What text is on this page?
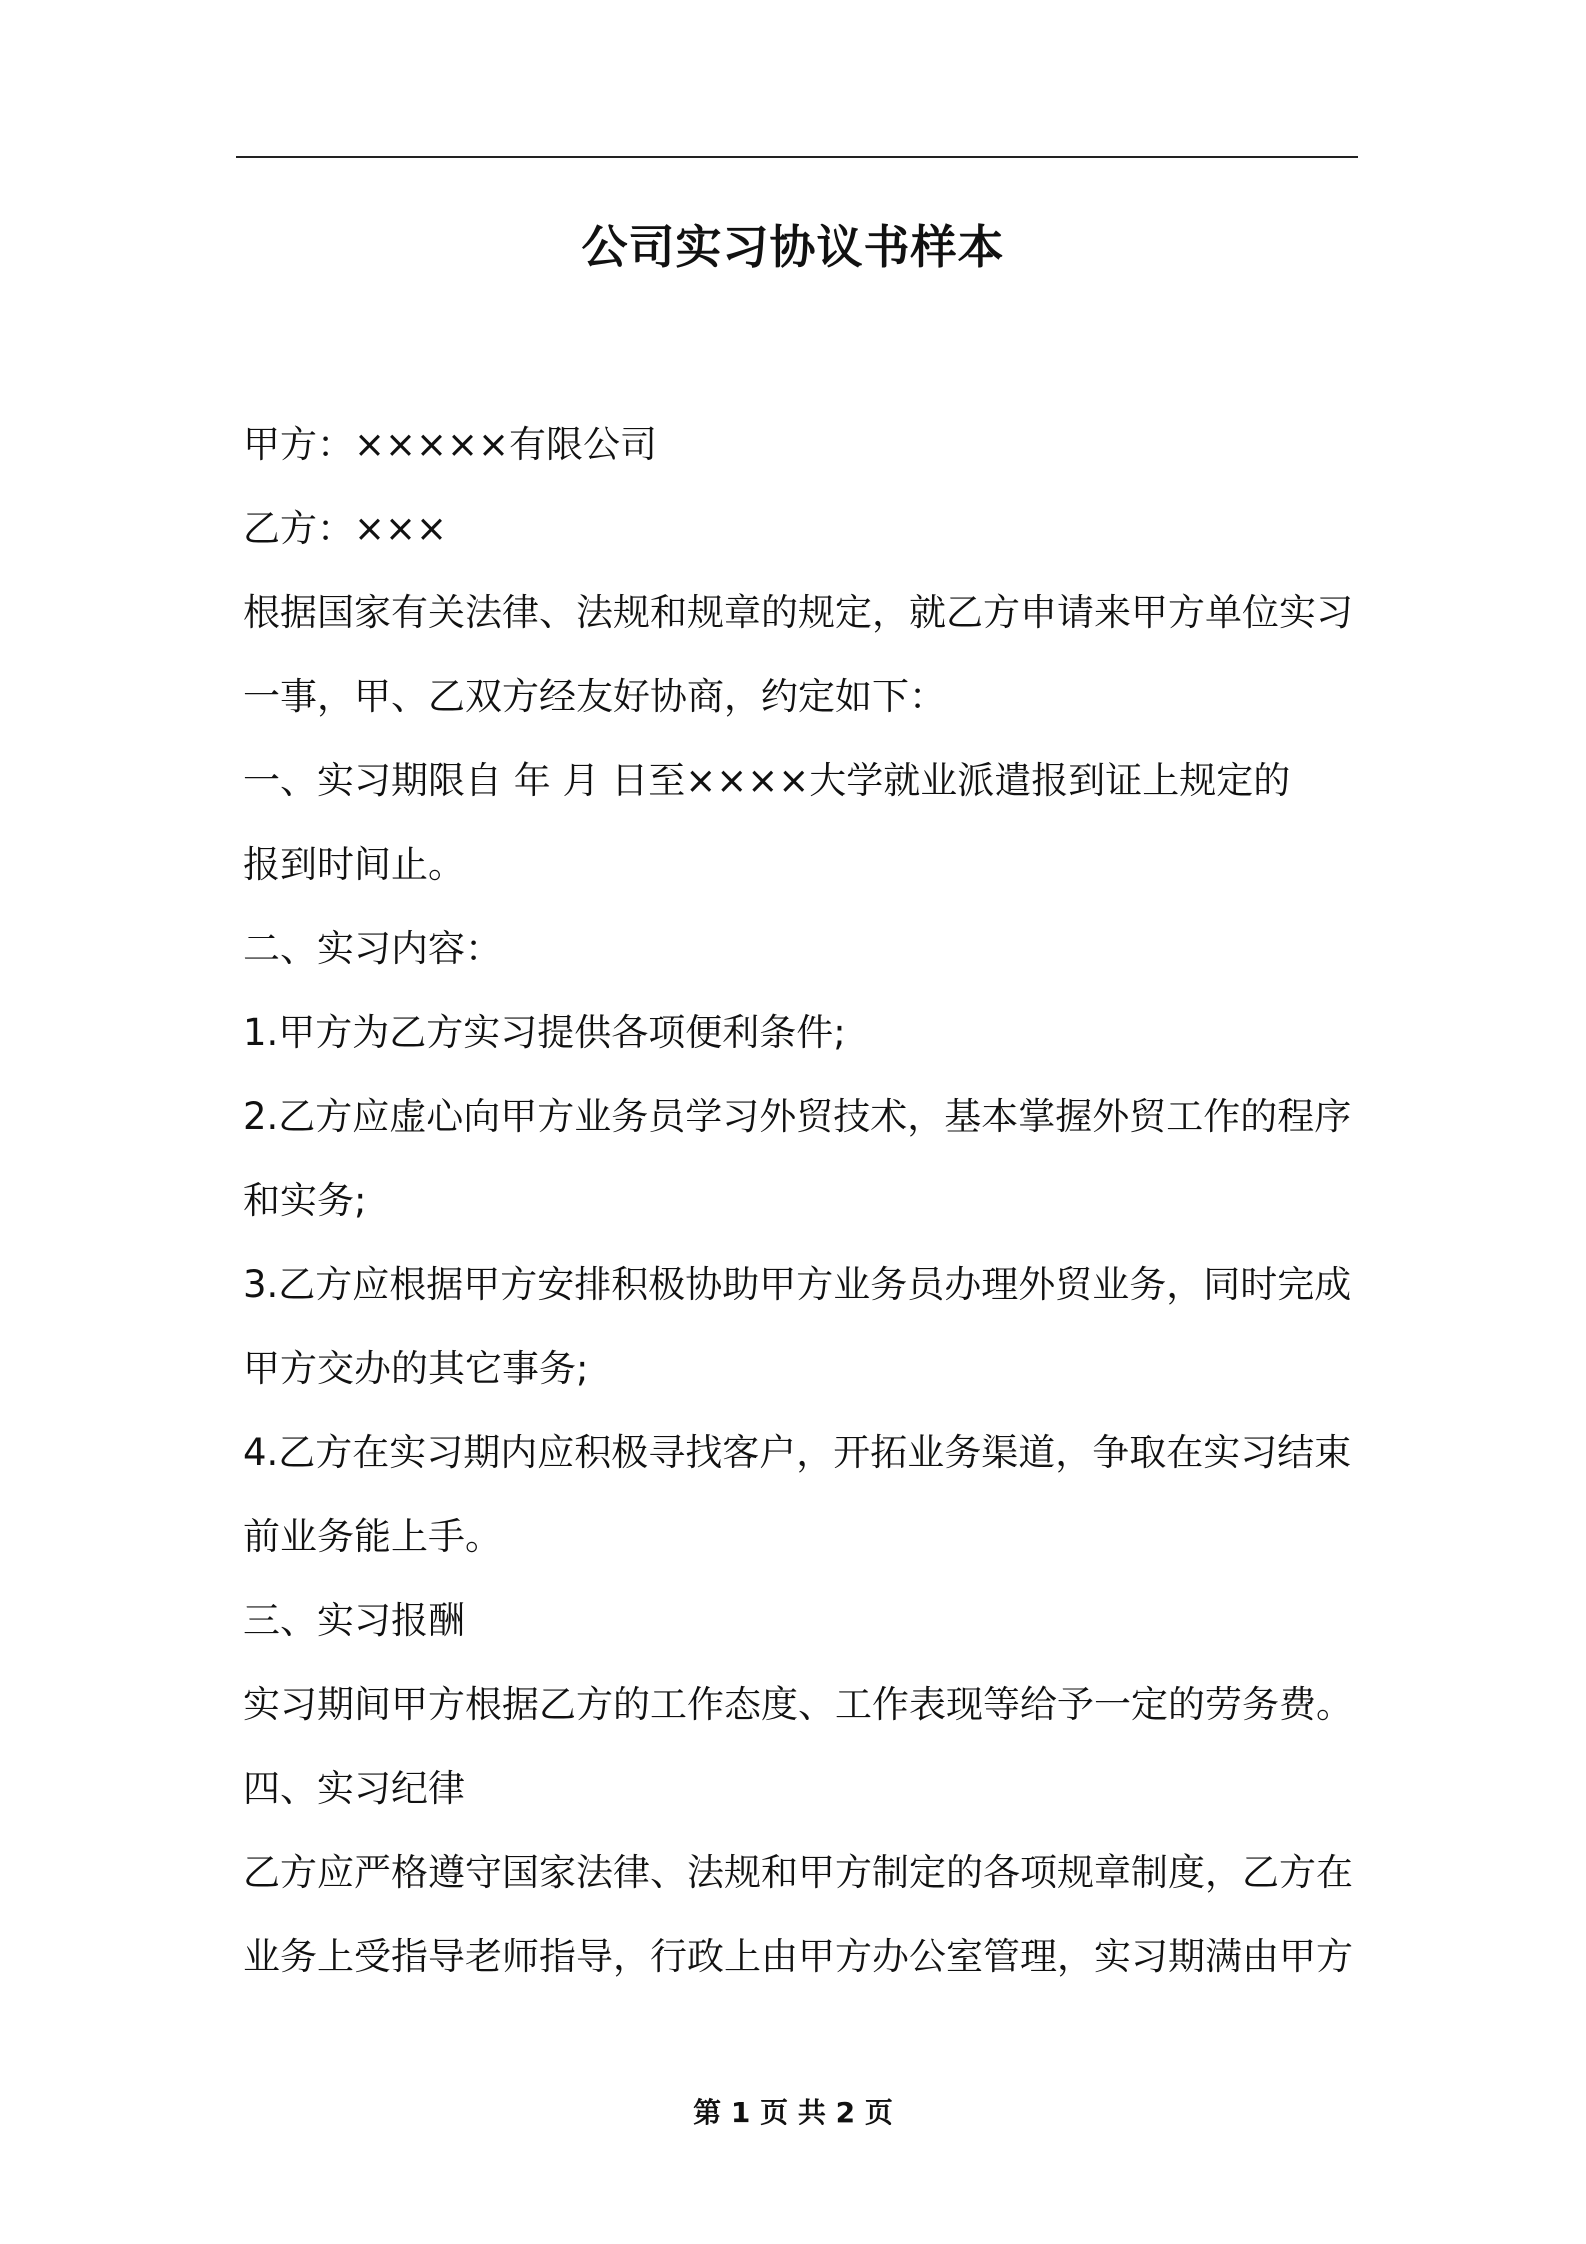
公司实习协议书样本

甲方：×××××有限公司

乙方：×××

根据国家有关法律、法规和规章的规定，就乙方申请来甲方单位实习

一事，甲、乙双方经友好协商，约定如下：

一、实习期限自 年 月 日至××××大学就业派遣报到证上规定的

报到时间止。

二、实习内容：

1.甲方为乙方实习提供各项便利条件;

2.乙方应虚心向甲方业务员学习外贸技术，基本掌握外贸工作的程序

和实务;

3.乙方应根据甲方安排积极协助甲方业务员办理外贸业务，同时完成

甲方交办的其它事务;

4.乙方在实习期内应积极寻找客户，开拓业务渠道，争取在实习结束

前业务能上手。

三、实习报酬

实习期间甲方根据乙方的工作态度、工作表现等给予一定的劳务费。

四、实习纪律

乙方应严格遵守国家法律、法规和甲方制定的各项规章制度，乙方在

业务上受指导老师指导，行政上由甲方办公室管理，实习期满由甲方

第 1 页 共 2 页
